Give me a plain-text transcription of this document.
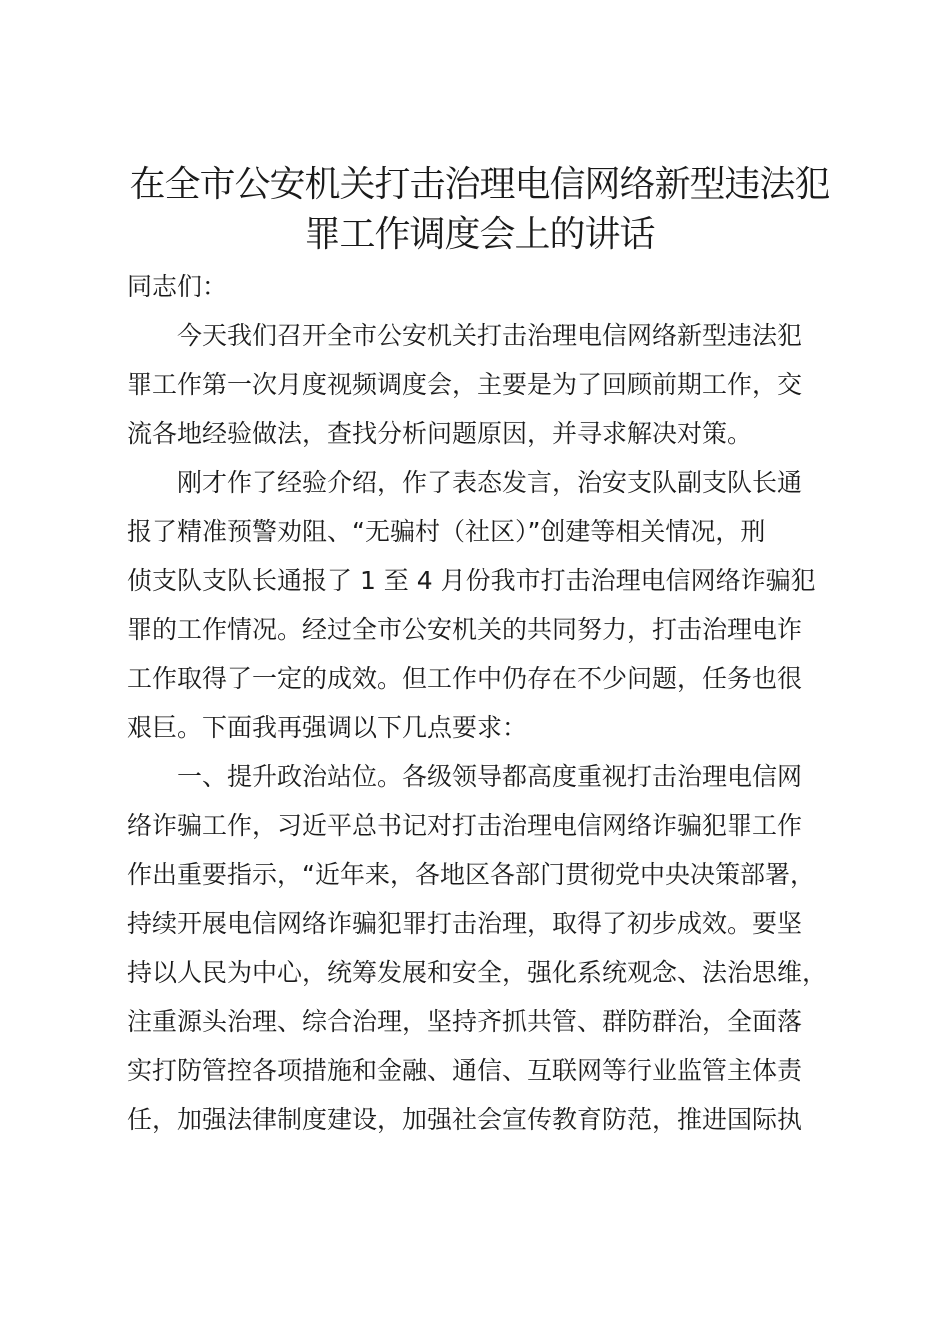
在全市公安机关打击治理电信网络新型违法犯
罪工作调度会上的讲话

同志们：

今天我们召开全市公安机关打击治理电信网络新型违法犯
罪工作第一次月度视频调度会，主要是为了回顾前期工作，交
流各地经验做法，查找分析问题原因，并寻求解决对策。

刚才作了经验介绍，作了表态发言，治安支队副支队长通
报了精准预警劝阻、“无骗村（社区）”创建等相关情况，刑
侦支队支队长通报了 1 至 4 月份我市打击治理电信网络诈骗犯
罪的工作情况。经过全市公安机关的共同努力，打击治理电诈
工作取得了一定的成效。但工作中仍存在不少问题，任务也很
艰巨。下面我再强调以下几点要求：

一、提升政治站位。各级领导都高度重视打击治理电信网
络诈骗工作，习近平总书记对打击治理电信网络诈骗犯罪工作
作出重要指示，“近年来，各地区各部门贯彻党中央决策部署，
持续开展电信网络诈骗犯罪打击治理，取得了初步成效。要坚
持以人民为中心，统筹发展和安全，强化系统观念、法治思维，
注重源头治理、综合治理，坚持齐抓共管、群防群治，全面落
实打防管控各项措施和金融、通信、互联网等行业监管主体责
任，加强法律制度建设，加强社会宣传教育防范，推进国际执
